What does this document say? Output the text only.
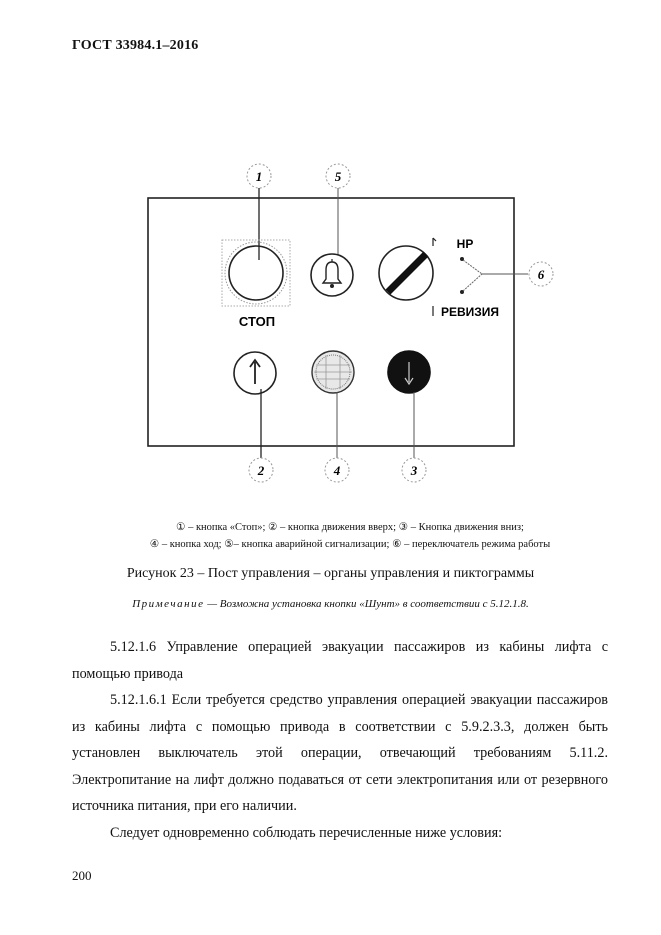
ГОСТ 33984.1–2016
1
СТОП
5
НР
РЕВИЗИЯ
6
2	4	3
① – кнопка «Стоп»; ② – кнопка движения вверх; ③ – Кнопка движения вниз;
④ – кнопка ход; ⑤– кнопка аварийной сигнализации; ⑥ – переключатель режима работы
Рисунок 23 – Пост управления – органы управления и пиктограммы
Примечание — Возможна установка кнопки «Шунт» в соответствии с 5.12.1.8.
5.12.1.6 Управление операцией эвакуации пассажиров из кабины лифта с помощью привода
5.12.1.6.1 Если требуется средство управления операцией эвакуации пассажиров из кабины лифта с помощью привода в соответствии с 5.9.2.3.3, должен быть установлен выключатель этой операции, отвечающий требованиям 5.11.2. Электропитание на лифт должно подаваться от сети электропитания или от резервного источника питания, при его наличии.
Следует одновременно соблюдать перечисленные ниже условия:
200
